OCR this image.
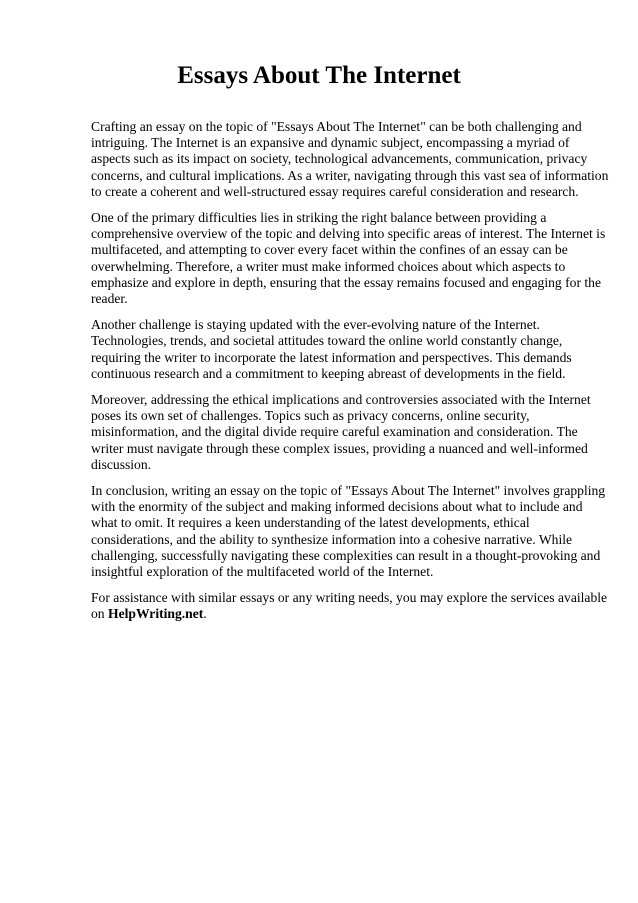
Essays About The Internet

Crafting an essay on the topic of "Essays About The Internet" can be both challenging and intriguing. The Internet is an expansive and dynamic subject, encompassing a myriad of aspects such as its impact on society, technological advancements, communication, privacy concerns, and cultural implications. As a writer, navigating through this vast sea of information to create a coherent and well-structured essay requires careful consideration and research.

One of the primary difficulties lies in striking the right balance between providing a comprehensive overview of the topic and delving into specific areas of interest. The Internet is multifaceted, and attempting to cover every facet within the confines of an essay can be overwhelming. Therefore, a writer must make informed choices about which aspects to emphasize and explore in depth, ensuring that the essay remains focused and engaging for the reader.

Another challenge is staying updated with the ever-evolving nature of the Internet. Technologies, trends, and societal attitudes toward the online world constantly change, requiring the writer to incorporate the latest information and perspectives. This demands continuous research and a commitment to keeping abreast of developments in the field.

Moreover, addressing the ethical implications and controversies associated with the Internet poses its own set of challenges. Topics such as privacy concerns, online security, misinformation, and the digital divide require careful examination and consideration. The writer must navigate through these complex issues, providing a nuanced and well-informed discussion.

In conclusion, writing an essay on the topic of "Essays About The Internet" involves grappling with the enormity of the subject and making informed decisions about what to include and what to omit. It requires a keen understanding of the latest developments, ethical considerations, and the ability to synthesize information into a cohesive narrative. While challenging, successfully navigating these complexities can result in a thought-provoking and insightful exploration of the multifaceted world of the Internet.

For assistance with similar essays or any writing needs, you may explore the services available on HelpWriting.net.
